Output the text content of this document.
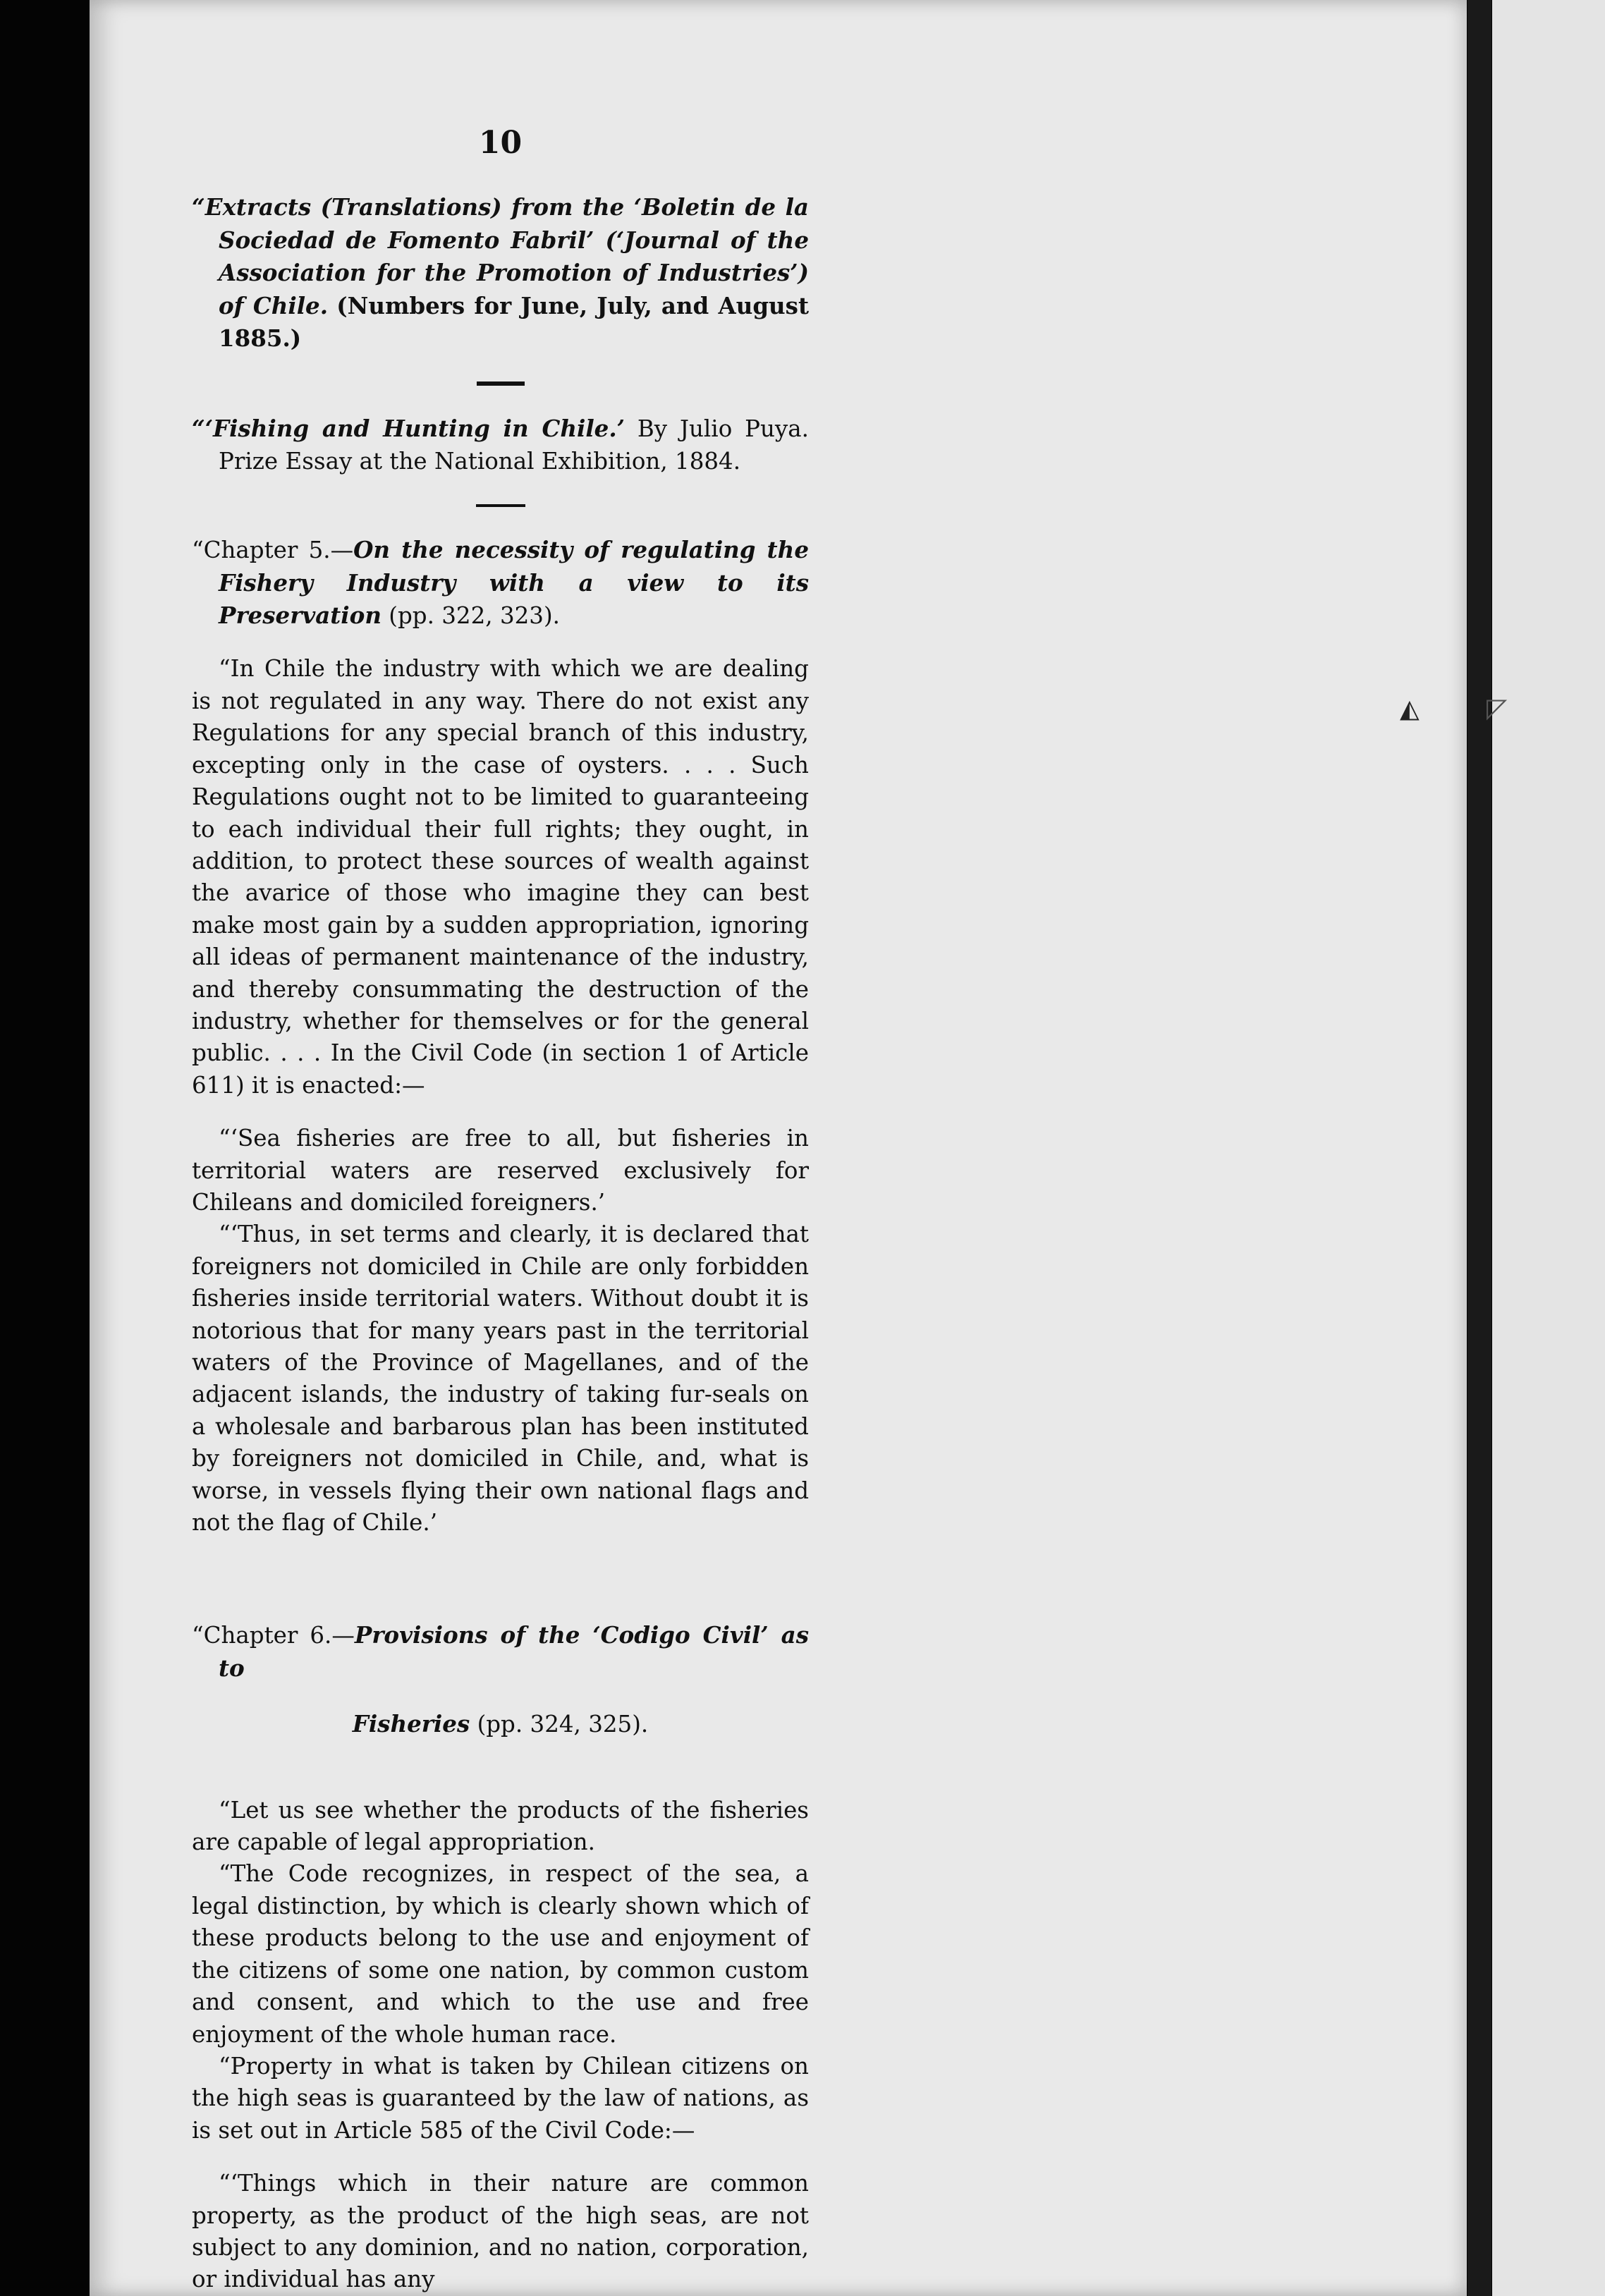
◭	◸

10

“Extracts (Translations) from the ‘Boletin de la Sociedad de Fomento Fabril’ (‘Journal of the Association for the Promotion of Industries’) of Chile. (Numbers for June, July, and August 1885.)

“‘Fishing and Hunting in Chile.’ By Julio Puya. Prize Essay at the National Exhibition, 1884.

“Chapter 5.—On the necessity of regulating the Fishery Industry with a view to its Preservation (pp. 322, 323).

“In Chile the industry with which we are dealing is not regulated in any way. There do not exist any Regulations for any special branch of this industry, excepting only in the case of oysters. . . . Such Regulations ought not to be limited to guaranteeing to each individual their full rights; they ought, in addition, to protect these sources of wealth against the avarice of those who imagine they can best make most gain by a sudden appropriation, ignoring all ideas of permanent maintenance of the industry, and thereby consummating the destruction of the industry, whether for themselves or for the general public. . . . In the Civil Code (in section 1 of Article 611) it is enacted:—

“‘Sea fisheries are free to all, but fisheries in territorial waters are reserved exclusively for Chileans and domiciled foreigners.’

“‘Thus, in set terms and clearly, it is declared that foreigners not domiciled in Chile are only forbidden fisheries inside territorial waters. Without doubt it is notorious that for many years past in the territorial waters of the Province of Magellanes, and of the adjacent islands, the industry of taking fur-seals on a wholesale and barbarous plan has been instituted by foreigners not domiciled in Chile, and, what is worse, in vessels flying their own national flags and not the flag of Chile.’

“Chapter 6.—Provisions of the ‘Codigo Civil’ as to

Fisheries (pp. 324, 325).

“Let us see whether the products of the fisheries are capable of legal appropriation.

“The Code recognizes, in respect of the sea, a legal distinction, by which is clearly shown which of these products belong to the use and enjoyment of the citizens of some one nation, by common custom and consent, and which to the use and free enjoyment of the whole human race.

“Property in what is taken by Chilean citizens on the high seas is guaranteed by the law of nations, as is set out in Article 585 of the Civil Code:—

“‘Things which in their nature are common property, as the product of the high seas, are not subject to any dominion, and no nation, corporation, or individual has any
